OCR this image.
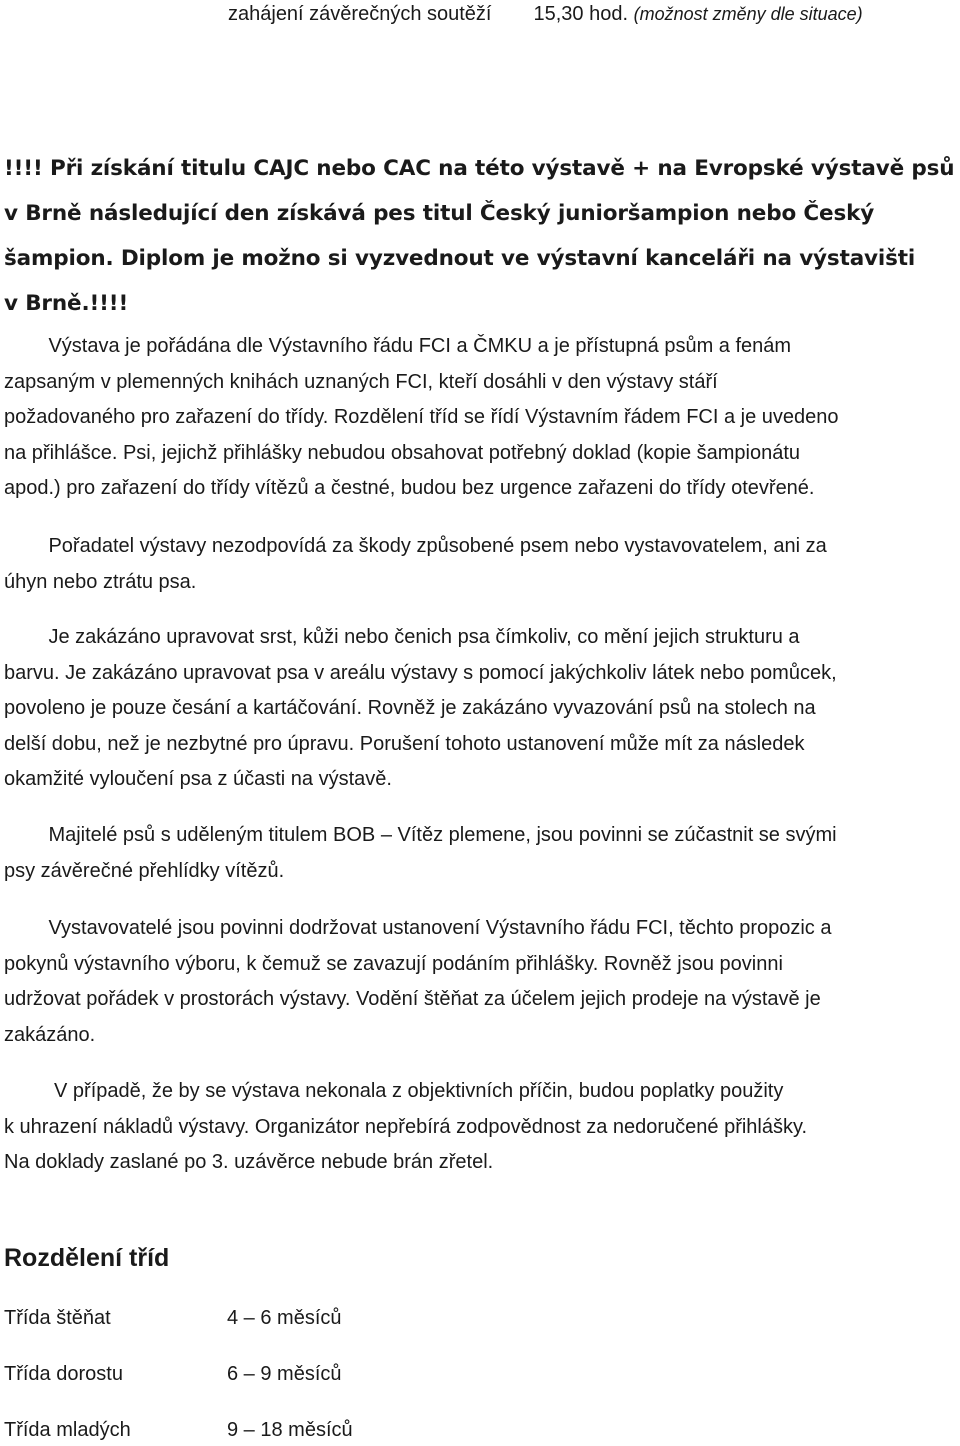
zahájení závěrečných soutěží 15,30 hod. (možnost změny dle situace)
!!!! Při získání titulu CAJC nebo CAC na této výstavě + na Evropské výstavě psů
v Brně následující den získává pes titul Český junioršampion nebo Český
šampion. Diplom je možno si vyzvednout ve výstavní kanceláři na výstavišti
v Brně.!!!!
Výstava je pořádána dle Výstavního řádu FCI a ČMKU a je přístupná psům a fenám
zapsaným v plemenných knihách uznaných FCI, kteří dosáhli v den výstavy stáří
požadovaného pro zařazení do třídy. Rozdělení tříd se řídí Výstavním řádem FCI a je uvedeno
na přihlášce. Psi, jejichž přihlášky nebudou obsahovat potřebný doklad (kopie šampionátu
apod.) pro zařazení do třídy vítězů a čestné, budou bez urgence zařazeni do třídy otevřené.
Pořadatel výstavy nezodpovídá za škody způsobené psem nebo vystavovatelem, ani za
úhyn nebo ztrátu psa.
Je zakázáno upravovat srst, kůži nebo čenich psa čímkoliv, co mění jejich strukturu a
barvu. Je zakázáno upravovat psa v areálu výstavy s pomocí jakýchkoliv látek nebo pomůcek,
povoleno je pouze česání a kartáčování. Rovněž je zakázáno vyvazování psů na stolech na
delší dobu, než je nezbytné pro úpravu. Porušení tohoto ustanovení může mít za následek
okamžité vyloučení psa z účasti na výstavě.
Majitelé psů s uděleným titulem BOB – Vítěz plemene, jsou povinni se zúčastnit se svými
psy závěrečné přehlídky vítězů.
Vystavovatelé jsou povinni dodržovat ustanovení Výstavního řádu FCI, těchto propozic a
pokynů výstavního výboru, k čemuž se zavazují podáním přihlášky. Rovněž jsou povinni
udržovat pořádek v prostorách výstavy. Vodění štěňat za účelem jejich prodeje na výstavě je
zakázáno.
V případě, že by se výstava nekonala z objektivních příčin, budou poplatky použity
k uhrazení nákladů výstavy. Organizátor nepřebírá zodpovědnost za nedoručené přihlášky.
Na doklady zaslané po 3. uzávěrce nebude brán zřetel.
Rozdělení tříd
Třída štěňat	4 – 6 měsíců
Třída dorostu	6 – 9 měsíců
Třída mladých	9 – 18 měsíců
